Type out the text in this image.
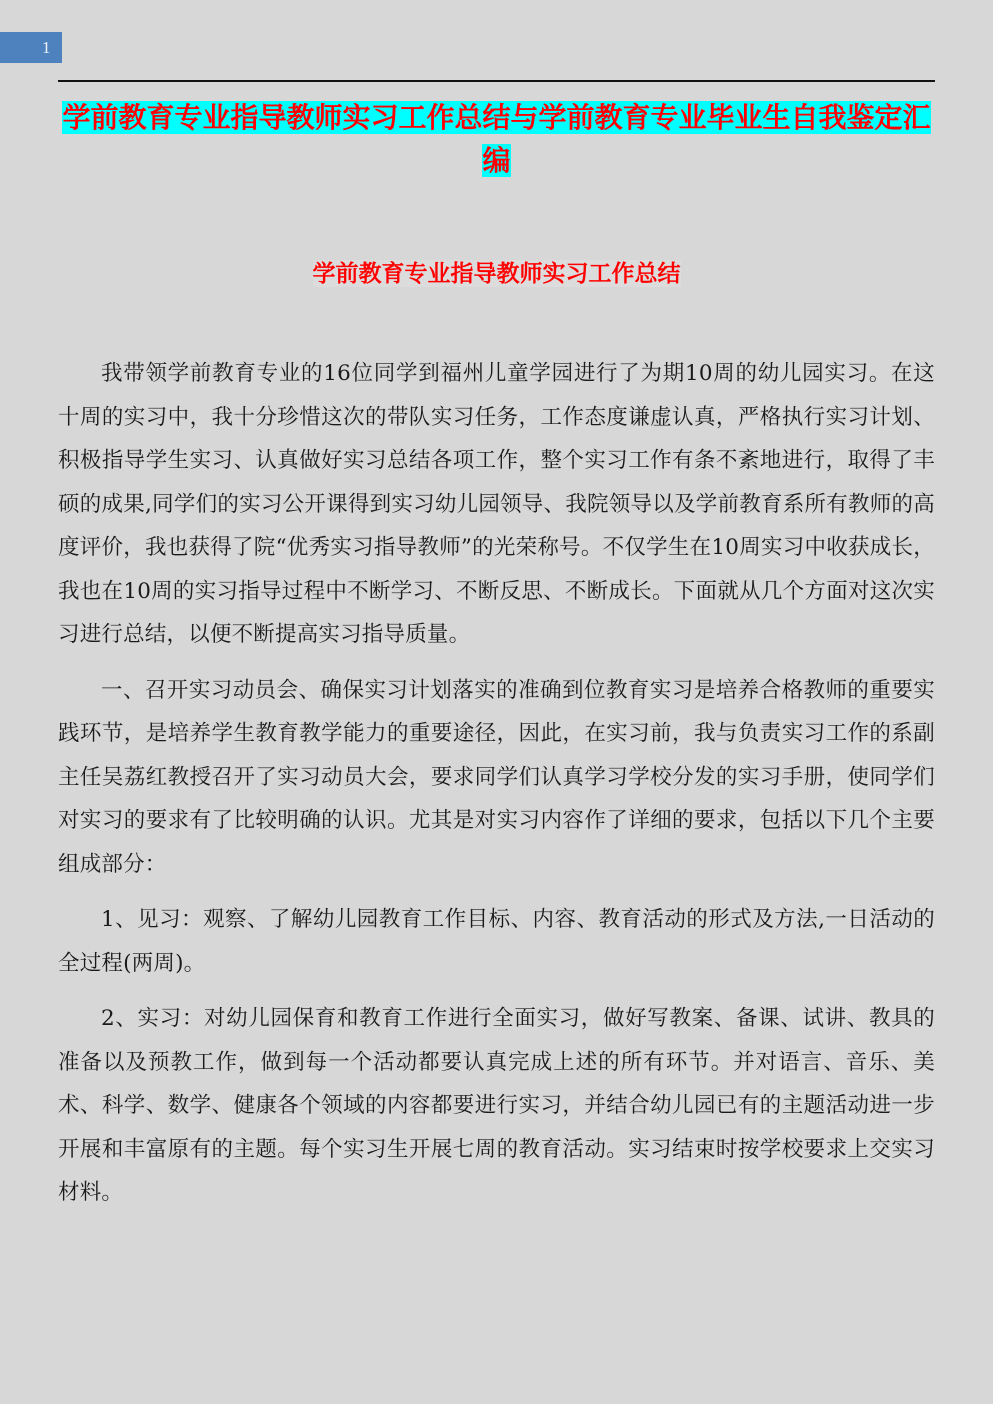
1
学前教育专业指导教师实习工作总结与学前教育专业毕业生自我鉴定汇编
学前教育专业指导教师实习工作总结

我带领学前教育专业的16位同学到福州儿童学园进行了为期10周的幼儿园实习。在这十周的实习中，我十分珍惜这次的带队实习任务，工作态度谦虚认真，严格执行实习计划、积极指导学生实习、认真做好实习总结各项工作，整个实习工作有条不紊地进行，取得了丰硕的成果,同学们的实习公开课得到实习幼儿园领导、我院领导以及学前教育系所有教师的高度评价，我也获得了院“优秀实习指导教师”的光荣称号。不仅学生在10周实习中收获成长，我也在10周的实习指导过程中不断学习、不断反思、不断成长。下面就从几个方面对这次实习进行总结，以便不断提高实习指导质量。

一、召开实习动员会、确保实习计划落实的准确到位教育实习是培养合格教师的重要实践环节，是培养学生教育教学能力的重要途径，因此，在实习前，我与负责实习工作的系副主任吴荔红教授召开了实习动员大会，要求同学们认真学习学校分发的实习手册，使同学们对实习的要求有了比较明确的认识。尤其是对实习内容作了详细的要求，包括以下几个主要组成部分：

1、见习：观察、了解幼儿园教育工作目标、内容、教育活动的形式及方法,一日活动的全过程(两周)。

2、实习：对幼儿园保育和教育工作进行全面实习，做好写教案、备课、试讲、教具的准备以及预教工作，做到每一个活动都要认真完成上述的所有环节。并对语言、音乐、美术、科学、数学、健康各个领域的内容都要进行实习，并结合幼儿园已有的主题活动进一步开展和丰富原有的主题。每个实习生开展七周的教育活动。实习结束时按学校要求上交实习材料。
